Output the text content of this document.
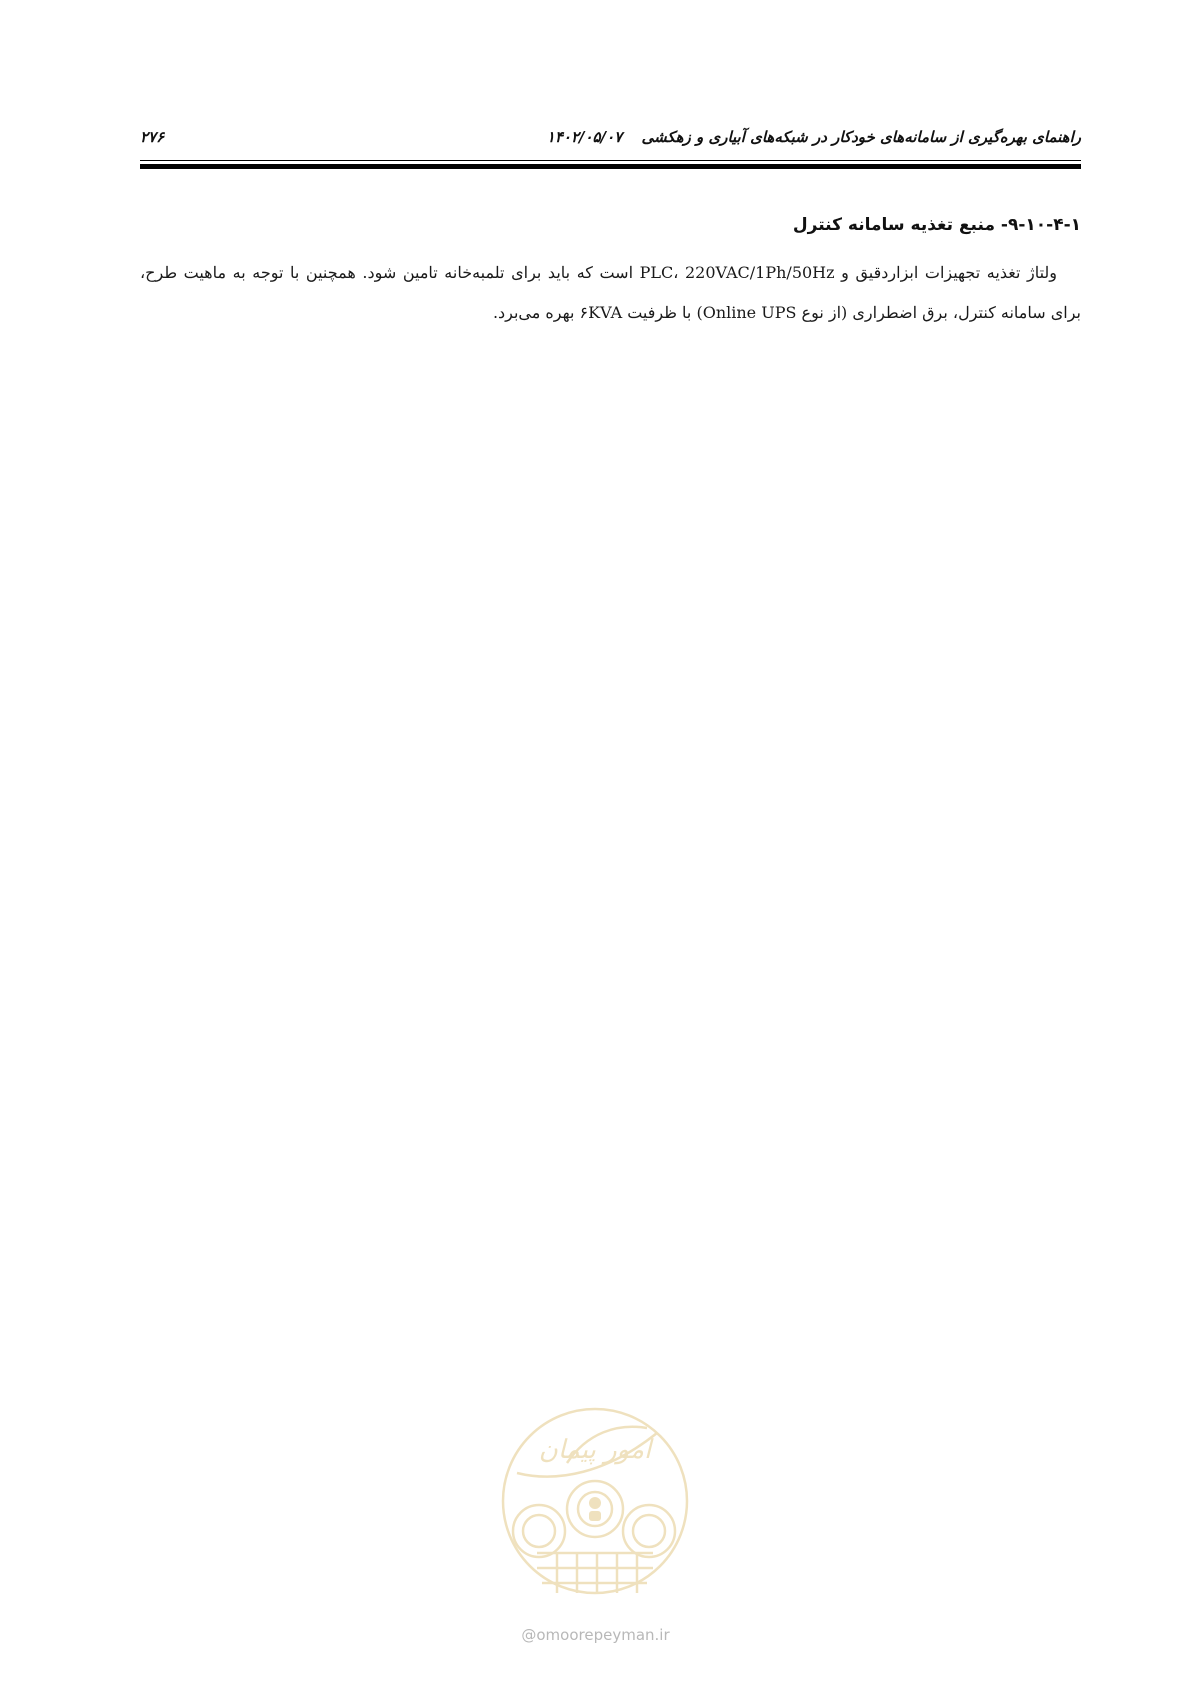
راهنمای بهره‌گیری از سامانه‌های خودکار در شبکه‌های آبیاری و زهکشی ۱۴۰۲/۰۵/۰۷
۲۷۶
۹-۱۰-۴-۱- منبع تغذیه سامانه کنترل

ولتاژ تغذیه تجهیزات ابزاردقیق و PLC، 220VAC/1Ph/50Hz است که باید برای تلمبه‌خانه تامین شود. همچنین با توجه به ماهیت طرح، برای سامانه کنترل، برق اضطراری (از نوع Online UPS) با ظرفیت ۶KVA بهره می‌برد.

امور پیمان
@omoorepeyman.ir
